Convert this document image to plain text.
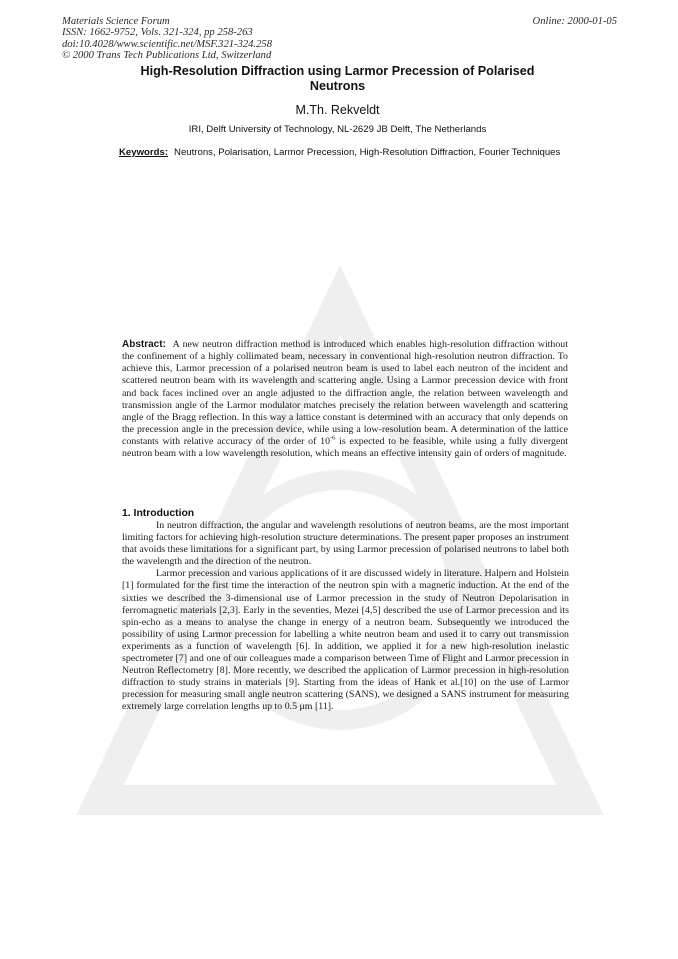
Materials Science Forum	Online: 2000-01-05
ISSN: 1662-9752, Vols. 321-324, pp 258-263
doi:10.4028/www.scientific.net/MSF.321-324.258
© 2000 Trans Tech Publications Ltd, Switzerland
High-Resolution Diffraction using Larmor Precession of Polarised
Neutrons
M.Th. Rekveldt
IRI, Delft University of Technology, NL-2629 JB Delft, The Netherlands
Keywords: Neutrons, Polarisation, Larmor Precession, High-Resolution Diffraction, Fourier Techniques
Abstract: A new neutron diffraction method is introduced which enables high-resolution diffraction without the confinement of a highly collimated beam, necessary in conventional high-resolution neutron diffraction. To achieve this, Larmor precession of a polarised neutron beam is used to label each neutron of the incident and scattered neutron beam with its wavelength and scattering angle. Using a Larmor precession device with front and back faces inclined over an angle adjusted to the diffraction angle, the relation between wavelength and transmission angle of the Larmor modulator matches precisely the relation between wavelength and scattering angle of the Bragg reflection. In this way a lattice constant is determined with an accuracy that only depends on the precession angle in the precession device, while using a low-resolution beam. A determination of the lattice constants with relative accuracy of the order of $10^{-6}$ is expected to be feasible, while using a fully divergent neutron beam with a low wavelength resolution, which means an effective intensity gain of orders of magnitude.
1. Introduction

In neutron diffraction, the angular and wavelength resolutions of neutron beams, are the most important limiting factors for achieving high-resolution structure determinations. The present paper proposes an instrument that avoids these limitations for a significant part, by using Larmor precession of polarised neutrons to label both the wavelength and the direction of the neutron.

Larmor precession and various applications of it are discussed widely in literature. Halpern and Holstein [1] formulated for the first time the interaction of the neutron spin with a magnetic induction. At the end of the sixties we described the 3-dimensional use of Larmor precession in the study of Neutron Depolarisation in ferromagnetic materials [2,3]. Early in the seventies, Mezei [4,5] described the use of Larmor precession and its spin-echo as a means to analyse the change in energy of a neutron beam. Subsequently we introduced the possibility of using Larmor precession for labelling a white neutron beam and used it to carry out transmission experiments as a function of wavelength [6]. In addition, we applied it for a new high-resolution inelastic spectrometer [7] and one of our colleagues made a comparison between Time of Flight and Larmor precession in Neutron Reflectometry [8]. More recently, we described the application of Larmor precession in high-resolution diffraction to study strains in materials [9]. Starting from the ideas of Hank et al.[10] on the use of Larmor precession for measuring small angle neutron scattering (SANS), we designed a SANS instrument for measuring extremely large correlation lengths up to 0.5 μm [11].
